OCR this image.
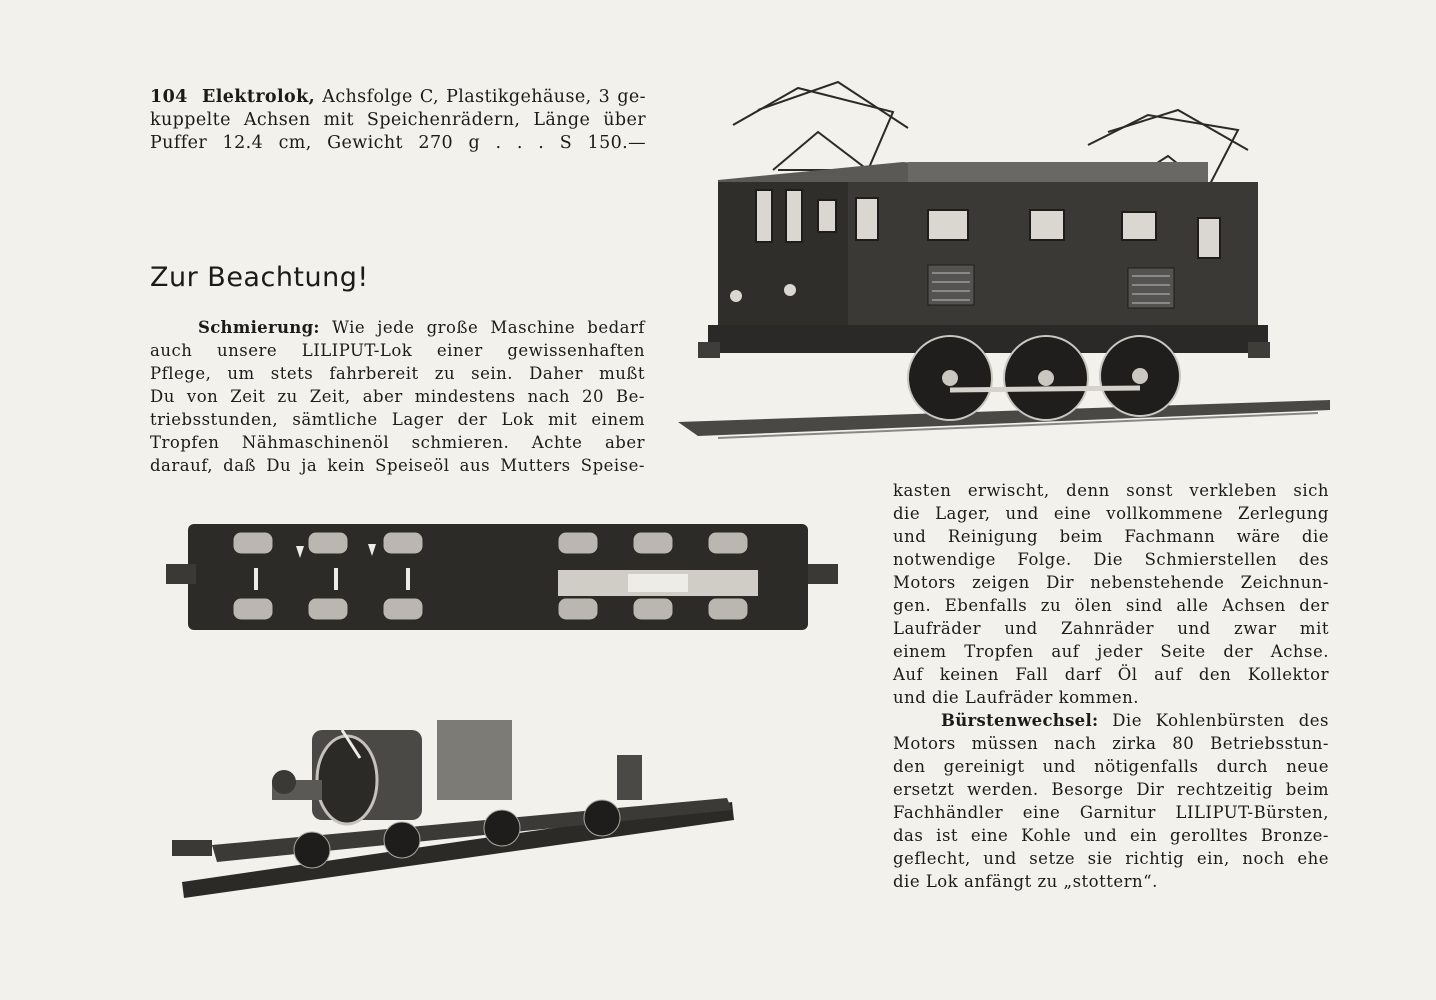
104 Elektrolok, Achsfolge C, Plastikgehäuse, 3 ge-
kuppelte Achsen mit Speichenrädern, Länge über
Puffer 12.4 cm, Gewicht 270 g . . . S 150.—
Zur Beachtung!
Schmierung: Wie jede große Maschine bedarf
auch unsere LILIPUT-Lok einer gewissenhaften
Pflege, um stets fahrbereit zu sein. Daher mußt
Du von Zeit zu Zeit, aber mindestens nach 20 Be-
triebsstunden, sämtliche Lager der Lok mit einem
Tropfen Nähmaschinenöl schmieren. Achte aber
darauf, daß Du ja kein Speiseöl aus Mutters Speise-
kasten erwischt, denn sonst verkleben sich
die Lager, und eine vollkommene Zerlegung
und Reinigung beim Fachmann wäre die
notwendige Folge. Die Schmierstellen des
Motors zeigen Dir nebenstehende Zeichnun-
gen. Ebenfalls zu ölen sind alle Achsen der
Laufräder und Zahnräder und zwar mit
einem Tropfen auf jeder Seite der Achse.
Auf keinen Fall darf Öl auf den Kollektor
und die Laufräder kommen.
Bürstenwechsel: Die Kohlenbürsten des
Motors müssen nach zirka 80 Betriebsstun-
den gereinigt und nötigenfalls durch neue
ersetzt werden. Besorge Dir rechtzeitig beim
Fachhändler eine Garnitur LILIPUT-Bürsten,
das ist eine Kohle und ein gerolltes Bronze-
geflecht, und setze sie richtig ein, noch ehe
die Lok anfängt zu „stottern“.
